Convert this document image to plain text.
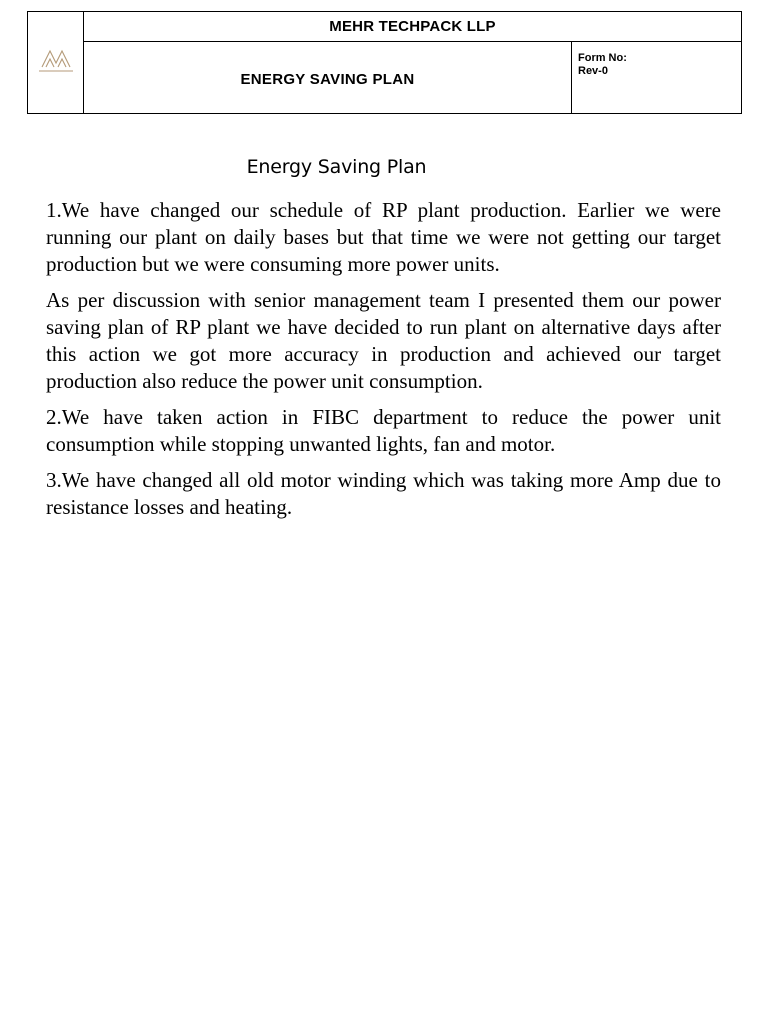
	MEHR TECHPACK LLP	
	ENERGY SAVING PLAN	Form No:
Rev-0
Energy Saving Plan

1.We have changed our schedule of RP plant production. Earlier we were running our plant on daily bases but that time we were not getting our target production but we were consuming more power units.

As per discussion with senior management team I presented them our power saving plan of RP plant we have decided to run plant on alternative days after this action we got more accuracy in production and achieved our target production also reduce the power unit consumption.

2.We have taken action in FIBC department to reduce the power unit consumption while stopping unwanted lights, fan and motor.

3.We have changed all old motor winding which was taking more Amp due to resistance losses and heating.
